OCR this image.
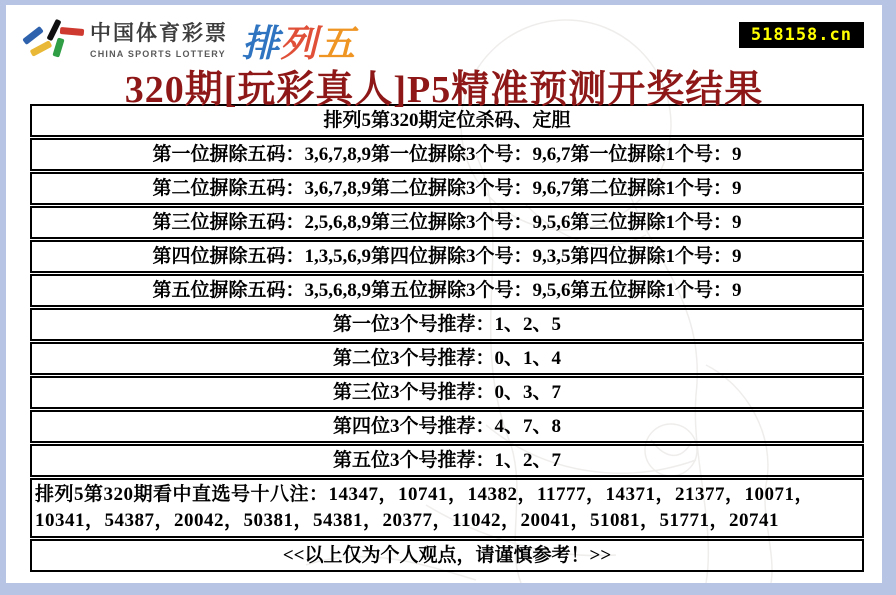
中国体育彩票
CHINA SPORTS LOTTERY 排列五	518158.cn
320期[玩彩真人]P5精准预测开奖结果
排列5第320期定位杀码、定胆
第一位摒除五码：3,6,7,8,9第一位摒除3个号：9,6,7第一位摒除1个号：9
第二位摒除五码：3,6,7,8,9第二位摒除3个号：9,6,7第二位摒除1个号：9
第三位摒除五码：2,5,6,8,9第三位摒除3个号：9,5,6第三位摒除1个号：9
第四位摒除五码：1,3,5,6,9第四位摒除3个号：9,3,5第四位摒除1个号：9
第五位摒除五码：3,5,6,8,9第五位摒除3个号：9,5,6第五位摒除1个号：9
第一位3个号推荐：1、2、5
第二位3个号推荐：0、1、4
第三位3个号推荐：0、3、7
第四位3个号推荐：4、7、8
第五位3个号推荐：1、2、7
排列5第320期看中直选号十八注：14347，10741，14382，11777，14371，21377，10071，10341，54387，20042，50381，54381，20377，11042，20041，51081，51771，20741
<<以上仅为个人观点，请谨慎参考！>>
